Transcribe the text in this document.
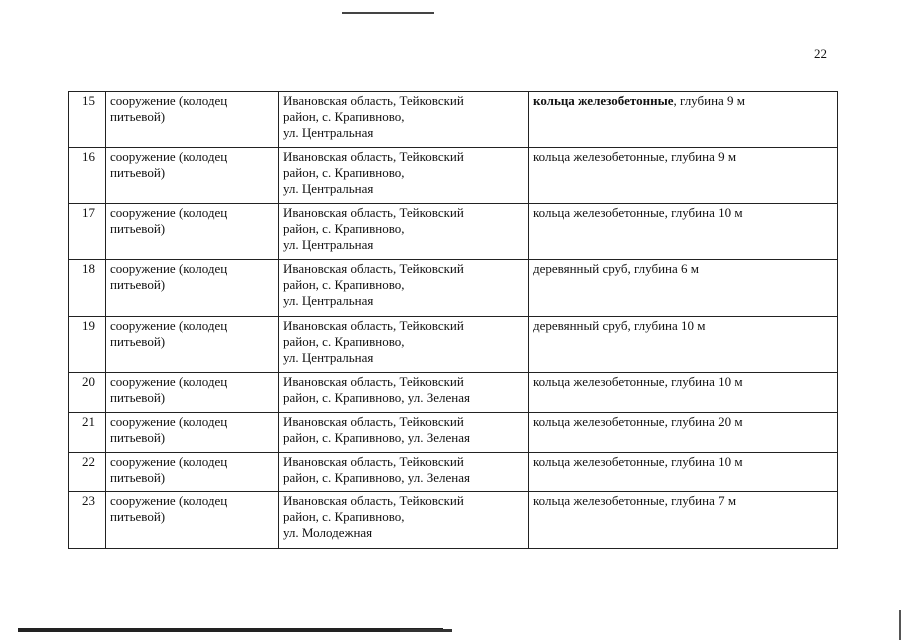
22
15	сооружение (колодец питьевой)	Ивановская область, Тейковский
район, с. Крапивново,
ул. Центральная	кольца железобетонные, глубина 9 м
16	сооружение (колодец питьевой)	Ивановская область, Тейковский
район, с. Крапивново,
ул. Центральная	кольца железобетонные, глубина 9 м
17	сооружение (колодец питьевой)	Ивановская область, Тейковский
район, с. Крапивново,
ул. Центральная	кольца железобетонные, глубина 10 м
18	сооружение (колодец питьевой)	Ивановская область, Тейковский
район, с. Крапивново,
ул. Центральная	деревянный сруб, глубина 6 м
19	сооружение (колодец питьевой)	Ивановская область, Тейковский
район, с. Крапивново,
ул. Центральная	деревянный сруб, глубина 10 м
20	сооружение (колодец питьевой)	Ивановская область, Тейковский
район, с. Крапивново, ул. Зеленая	кольца железобетонные, глубина 10 м
21	сооружение (колодец питьевой)	Ивановская область, Тейковский
район, с. Крапивново, ул. Зеленая	кольца железобетонные, глубина 20 м
22	сооружение (колодец питьевой)	Ивановская область, Тейковский
район, с. Крапивново, ул. Зеленая	кольца железобетонные, глубина 10 м
23	сооружение (колодец питьевой)	Ивановская область, Тейковский
район, с. Крапивново,
ул. Молодежная	кольца железобетонные, глубина 7 м
